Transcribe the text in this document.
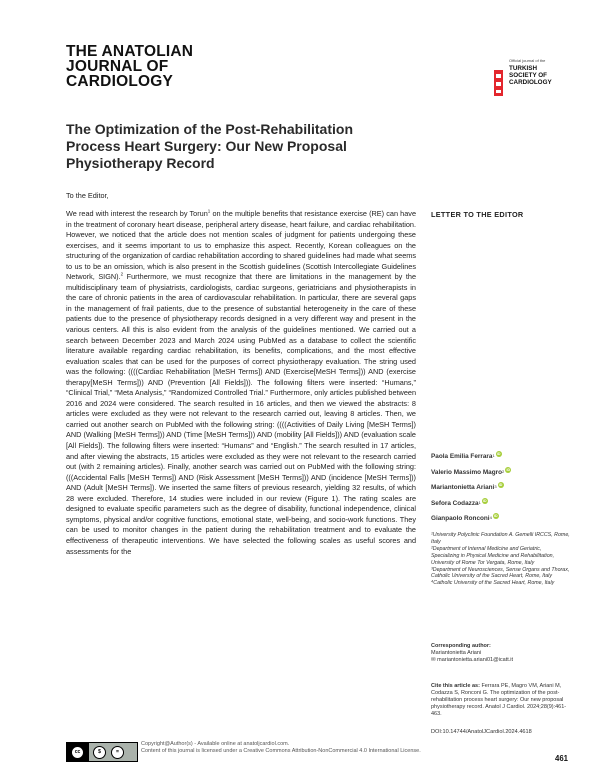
THE ANATOLIAN
JOURNAL OF
CARDIOLOGY
Official journal of the
TURKISH
SOCIETY OF
CARDIOLOGY
The Optimization of the Post-Rehabilitation Process Heart Surgery: Our New Proposal Physiotherapy Record
To the Editor,

We read with interest the research by Torun$^1$ on the multiple benefits that resistance exercise (RE) can have in the treatment of coronary heart disease, peripheral artery disease, heart failure, and cardiac rehabilitation. However, we noticed that the article does not mention scales of judgment for patients undergoing these exercises, and it seems important to us to emphasize this aspect. Recently, Korean colleagues on the structuring of the organization of cardiac rehabilitation according to shared guidelines had made what seems to us to be an omission, which is also present in the Scottish guidelines (Scottish Intercollegiate Guidelines Network, SIGN).$^2$ Furthermore, we must recognize that there are limitations in the management by the multidisciplinary team of physiatrists, cardiologists, cardiac surgeons, geriatricians and physiotherapists in the care of chronic patients in the area of cardiovascular rehabilitation. In particular, there are several gaps in the management of frail patients, due to the presence of substantial heterogeneity in the care of these patients due to the presence of physiotherapy records designed in a very different way and present in the various centers. All this is also evident from the analysis of the guidelines mentioned. We carried out a search between December 2023 and March 2024 using PubMed as a database to collect the scientific literature available regarding cardiac rehabilitation, its benefits, complications, and the most effective evaluation scales that can be used for the purposes of correct physiotherapy evaluation. The string used was the following: ((((Cardiac Rehabilitation [MeSH Terms]) AND (Exercise[MeSH Terms])) AND (exercise therapy[MeSH Terms])) AND (Prevention [All Fields])). The following filters were inserted: “Humans,” “Clinical Trial,” “Meta Analysis,” “Randomized Controlled Trial.” Furthermore, only articles published between 2016 and 2024 were considered. The search resulted in 16 articles, and then we viewed the abstracts: 8 articles were excluded as they were not relevant to the research carried out, leaving 8 articles. Then, we carried out another search on PubMed with the following string: ((((Activities of Daily Living [MeSH Terms]) AND (Walking [MeSH Terms])) AND (Time [MeSH Terms])) AND (mobility [All Fields])) AND (evaluation scale [All Fields]). The following filters were inserted: “Humans” and “English.” The search resulted in 17 articles, and after viewing the abstracts, 15 articles were excluded as they were not relevant to the research carried out (with 2 remaining articles). Finally, another search was carried out on PubMed with the following string: (((Accidental Falls [MeSH Terms]) AND (Risk Assessment [MeSH Terms])) AND (incidence [MeSH Terms])) AND (Adult [MeSH Terms]). We inserted the same filters of previous research, yielding 32 results, of which 28 were excluded. Therefore, 14 studies were included in our review (Figure 1). The rating scales are designed to evaluate specific parameters such as the degree of disability, functional independence, clinical symptoms, physical and/or cognitive functions, emotional state, well-being, and socio-work functions. They can be used to monitor changes in the patient during the rehabilitation treatment and to evaluate the effectiveness of therapeutic interventions. We have selected the following scales as useful scores and assessments for the

LETTER TO THE EDITOR
Paola Emilia Ferrara 1 iD
Valerio Massimo Magro 2 iD
Mariantonietta Ariani 3 iD
Sefora Codazza 1 iD
Gianpaolo Ronconi 4 iD
¹University Polyclinic Foundation A. Gemelli IRCCS, Rome, Italy
²Department of Internal Medicine and Geriatric, Specializing in Physical Medicine and Rehabilitation, University of Rome Tor Vergata, Rome, Italy
³Department of Neurosciences, Sense Organs and Thorax, Catholic University of the Sacred Heart, Rome, Italy
⁴Catholic University of the Sacred Heart, Rome, Italy
Corresponding author:
Mariantonietta Ariani
✉ mariantonietta.ariani01@icatt.it
Cite this article as: Ferrara PE, Magro VM, Ariani M, Codazza S, Ronconi G. The optimization of the post-rehabilitation process heart surgery: Our new proposal physiotherapy record. Anatol J Cardiol. 2024;28(9):461-463.
DOI:10.14744/AnatolJCardiol.2024.4618
cc	$	=
Copyright@Author(s) - Available online at anatoljcardiol.com.
Content of this journal is licensed under a Creative Commons Attribution-NonCommercial 4.0 International License.
461
